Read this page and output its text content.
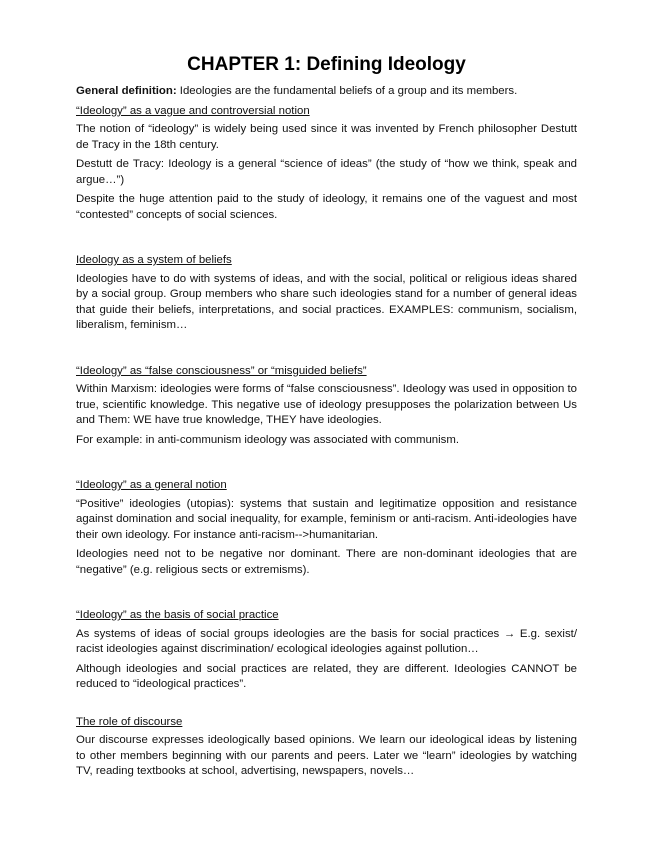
CHAPTER 1: Defining Ideology

General definition: Ideologies are the fundamental beliefs of a group and its members.

“Ideology” as a vague and controversial notion

The notion of “ideology” is widely being used since it was invented by French philosopher Destutt de Tracy in the 18th century.

Destutt de Tracy: Ideology is a general “science of ideas” (the study of “how we think, speak and argue…”)

Despite the huge attention paid to the study of ideology, it remains one of the vaguest and most “contested” concepts of social sciences.

Ideology as a system of beliefs

Ideologies have to do with systems of ideas, and with the social, political or religious ideas shared by a social group. Group members who share such ideologies stand for a number of general ideas that guide their beliefs, interpretations, and social practices. EXAMPLES: communism, socialism, liberalism, feminism…

“Ideology” as “false consciousness” or “misguided beliefs”

Within Marxism: ideologies were forms of “false consciousness”. Ideology was used in opposition to true, scientific knowledge. This negative use of ideology presupposes the polarization between Us and Them: WE have true knowledge, THEY have ideologies.

For example: in anti-communism ideology was associated with communism.

“Ideology” as a general notion

“Positive” ideologies (utopias): systems that sustain and legitimatize opposition and resistance against domination and social inequality, for example, feminism or anti-racism. Anti-ideologies have their own ideology. For instance anti-racism-->humanitarian.

Ideologies need not to be negative nor dominant. There are non-dominant ideologies that are “negative” (e.g. religious sects or extremisms).

“Ideology” as the basis of social practice

As systems of ideas of social groups ideologies are the basis for social practices → E.g. sexist/ racist ideologies against discrimination/ ecological ideologies against pollution…

Although ideologies and social practices are related, they are different. Ideologies CANNOT be reduced to “ideological practices”.

The role of discourse

Our discourse expresses ideologically based opinions. We learn our ideological ideas by listening to other members beginning with our parents and peers. Later we “learn” ideologies by watching TV, reading textbooks at school, advertising, newspapers, novels…
